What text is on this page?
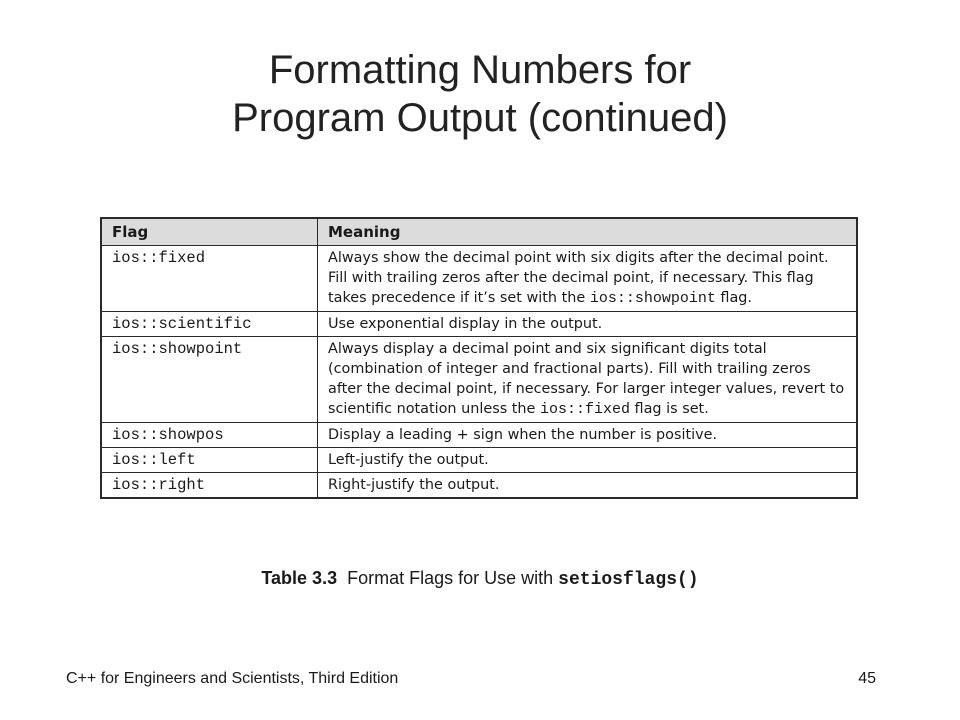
Formatting Numbers for
Program Output (continued)
Flag	Meaning
ios::fixed	Always show the decimal point with six digits after the decimal point. Fill with trailing zeros after the decimal point, if necessary. This flag takes precedence if it’s set with the ios::showpoint flag.
ios::scientific	Use exponential display in the output.
ios::showpoint	Always display a decimal point and six significant digits total (combination of integer and fractional parts). Fill with trailing zeros after the decimal point, if necessary. For larger integer values, revert to scientific notation unless the ios::fixed flag is set.
ios::showpos	Display a leading + sign when the number is positive.
ios::left	Left-justify the output.
ios::right	Right-justify the output.
Table 3.3 Format Flags for Use with setiosflags()
C++ for Engineers and Scientists, Third Edition	45
